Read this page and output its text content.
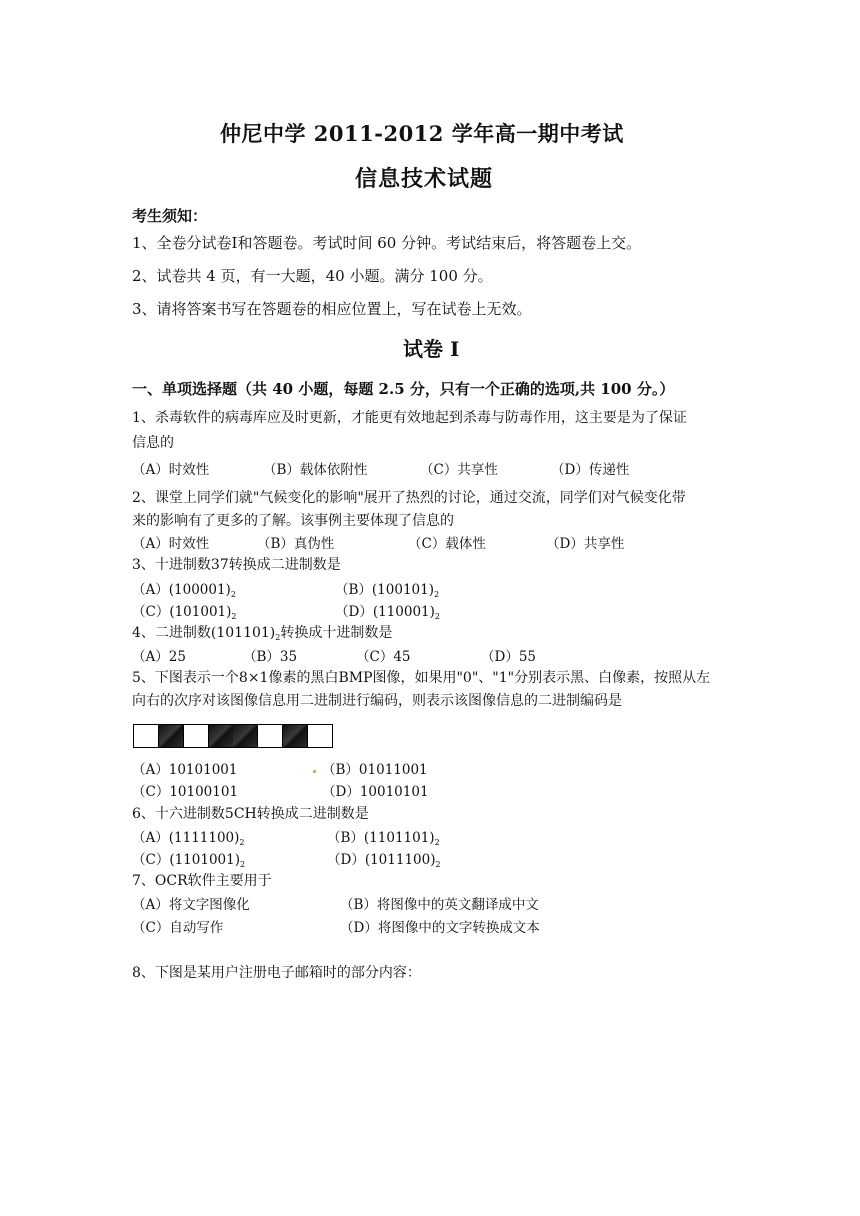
仲尼中学 2011-2012 学年高一期中考试
信息技术试题
考生须知：
1、全卷分试卷Ⅰ和答题卷。考试时间 60 分钟。考试结束后，将答题卷上交。
2、试卷共 4 页，有一大题，40 小题。满分 100 分。
3、请将答案书写在答题卷的相应位置上，写在试卷上无效。
试卷 I
一、单项选择题（共 40 小题，每题 2.5 分，只有一个正确的选项,共 100 分。）
1、杀毒软件的病毒库应及时更新，才能更有效地起到杀毒与防毒作用，这主要是为了保证
信息的
（A）时效性	（B）载体依附性	（C）共享性	（D）传递性
2、课堂上同学们就"气候变化的影响"展开了热烈的讨论，通过交流，同学们对气候变化带
来的影响有了更多的了解。该事例主要体现了信息的
（A）时效性	（B）真伪性	（C）载体性	（D）共享性
3、十进制数37转换成二进制数是
$(A)(100001)_2$	$(B)(100101)_2$
$(C)(101001)_2$	$(D)(110001)_2$
4、二进制数$(101101)_2$转换成十进制数是
（A）25	（B）35	（C）45	（D）55
5、下图表示一个8×1像素的黑白BMP图像，如果用"0"、"1"分别表示黑、白像素，按照从左
向右的次序对该图像信息用二进制进行编码，则表示该图像信息的二进制编码是
（A）10101001	（B）01011001
（C）10100101	（D）10010101
6、十六进制数5CH转换成二进制数是
$(A)(1111100)_2$	$(B)(1101101)_2$
$(C)(1101001)_2$	$(D)(1011100)_2$
7、OCR软件主要用于
（A）将文字图像化	（B）将图像中的英文翻译成中文
（C）自动写作	（D）将图像中的文字转换成文本
8、下图是某用户注册电子邮箱时的部分内容：
